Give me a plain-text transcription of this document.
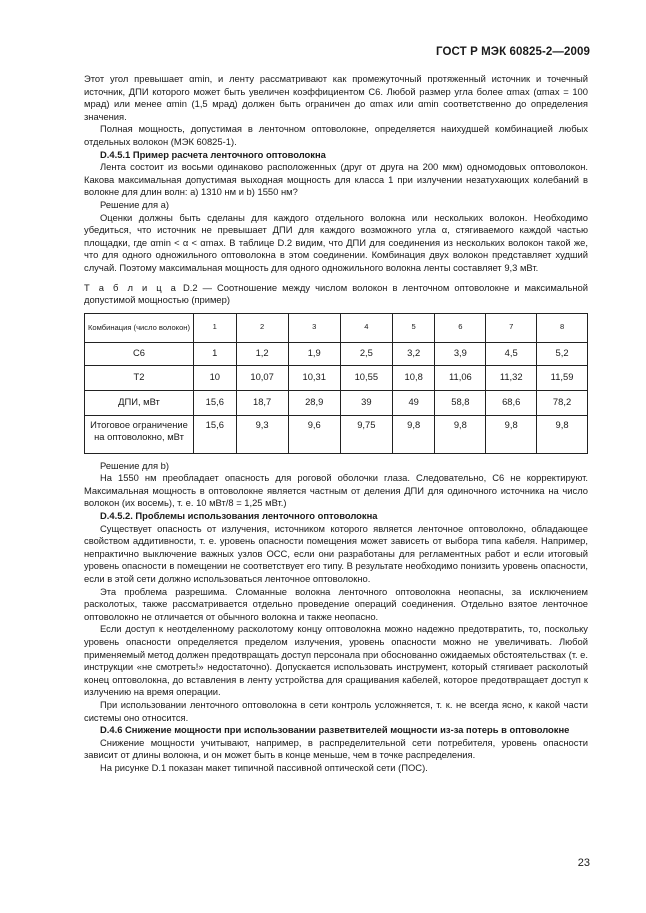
ГОСТ Р МЭК 60825-2—2009

Этот угол превышает αmin, и ленту рассматривают как промежуточный протяженный источник и точечный источник, ДПИ которого может быть увеличен коэффициентом C6. Любой размер угла более αmax (αmax = 100 мрад) или менее αmin (1,5 мрад) должен быть ограничен до αmax или αmin соответственно до определения значения.

Полная мощность, допустимая в ленточном оптоволокне, определяется наихудшей комбинацией любых отдельных волокон (МЭК 60825-1).

D.4.5.1 Пример расчета ленточного оптоволокна

Лента состоит из восьми одинаково расположенных (друг от друга на 200 мкм) одномодовых оптоволокон. Какова максимальная допустимая выходная мощность для класса 1 при излучении незатухающих колебаний в волокне для длин волн: a) 1310 нм и b) 1550 нм?

Решение для а)

Оценки должны быть сделаны для каждого отдельного волокна или нескольких волокон. Необходимо убедиться, что источник не превышает ДПИ для каждого возможного угла α, стягиваемого каждой частью площадки, где αmin < α < αmax. В таблице D.2 видим, что ДПИ для соединения из нескольких волокон такой же, что для одного одножильного оптоволокна в этом соединении. Комбинация двух волокон представляет худший случай. Поэтому максимальная мощность для одного одножильного волокна ленты составляет 9,3 мВт.

Т а б л и ц а D.2 — Соотношение между числом волокон в ленточном оптоволокне и максимальной допустимой мощностью (пример)

Комбинация (число волокон)	1	2	3	4	5	6	7	8
C6	1	1,2	1,9	2,5	3,2	3,9	4,5	5,2
T2	10	10,07	10,31	10,55	10,8	11,06	11,32	11,59
ДПИ, мВт	15,6	18,7	28,9	39	49	58,8	68,6	78,2
Итоговое ограничение на оптоволокно, мВт	15,6	9,3	9,6	9,75	9,8	9,8	9,8	9,8

Решение для b)

На 1550 нм преобладает опасность для роговой оболочки глаза. Следовательно, C6 не корректируют. Максимальная мощность в оптоволокне является частным от деления ДПИ для одиночного источника на число волокон (их восемь), т. е. 10 мВт/8 = 1,25 мВт.)

D.4.5.2. Проблемы использования ленточного оптоволокна

Существует опасность от излучения, источником которого является ленточное оптоволокно, обладающее свойством аддитивности, т. е. уровень опасности помещения может зависеть от выбора типа кабеля. Например, непрактично выключение важных узлов ОСС, если они разработаны для регламентных работ и если итоговый уровень опасности в помещении не соответствует его типу. В результате необходимо понизить уровень опасности, если в этой сети должно использоваться ленточное оптоволокно.

Эта проблема разрешима. Сломанные волокна ленточного оптоволокна неопасны, за исключением расколотых, также рассматривается отдельно проведение операций соединения. Отдельно взятое ленточное оптоволокно не отличается от обычного волокна и также неопасно.

Если доступ к неотделенному расколотому концу оптоволокна можно надежно предотвратить, то, поскольку уровень опасности определяется пределом излучения, уровень опасности можно не увеличивать. Любой применяемый метод должен предотвращать доступ персонала при обоснованно ожидаемых обстоятельствах (т. е. инструкции «не смотреть!» недостаточно). Допускается использовать инструмент, который стягивает расколотый конец оптоволокна, до вставления в ленту устройства для сращивания кабелей, которое предотвращает доступ к излучению на время операции.

При использовании ленточного оптоволокна в сети контроль усложняется, т. к. не всегда ясно, к какой части системы оно относится.

D.4.6 Снижение мощности при использовании разветвителей мощности из-за потерь в оптоволокне

Снижение мощности учитывают, например, в распределительной сети потребителя, уровень опасности зависит от длины волокна, и он может быть в конце меньше, чем в точке распределения.

На рисунке D.1 показан макет типичной пассивной оптической сети (ПОС).

23
